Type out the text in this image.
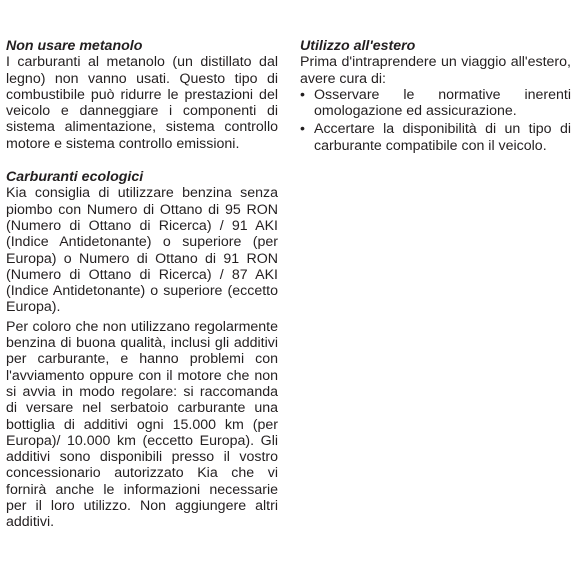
Non usare metanolo

I carburanti al metanolo (un distillato dal legno) non vanno usati. Questo tipo di combustibile può ridurre le prestazioni del veicolo e danneggiare i componenti di sistema alimentazione, sistema controllo motore e sistema controllo emissioni.

Carburanti ecologici

Kia consiglia di utilizzare benzina senza piombo con Numero di Ottano di 95 RON (Numero di Ottano di Ricerca) / 91 AKI (Indice Antidetonante) o superiore (per Europa) o Numero di Ottano di 91 RON (Numero di Ottano di Ricerca) / 87 AKI (Indice Antidetonante) o superiore (eccetto Europa).

Per coloro che non utilizzano regolarmente benzina di buona qualità, inclusi gli additivi per carburante, e hanno problemi con l'avviamento oppure con il motore che non si avvia in modo regolare: si raccomanda di versare nel serbatoio carburante una bottiglia di additivi ogni 15.000 km (per Europa)/ 10.000 km (eccetto Europa). Gli additivi sono disponibili presso il vostro concessionario autorizzato Kia che vi fornirà anche le informazioni necessarie per il loro utilizzo. Non aggiungere altri additivi.

Utilizzo all'estero

Prima d'intraprendere un viaggio all'estero, avere cura di:

• Osservare le normative inerenti omologazione ed assicurazione.
• Accertare la disponibilità di un tipo di carburante compatibile con il veicolo.
